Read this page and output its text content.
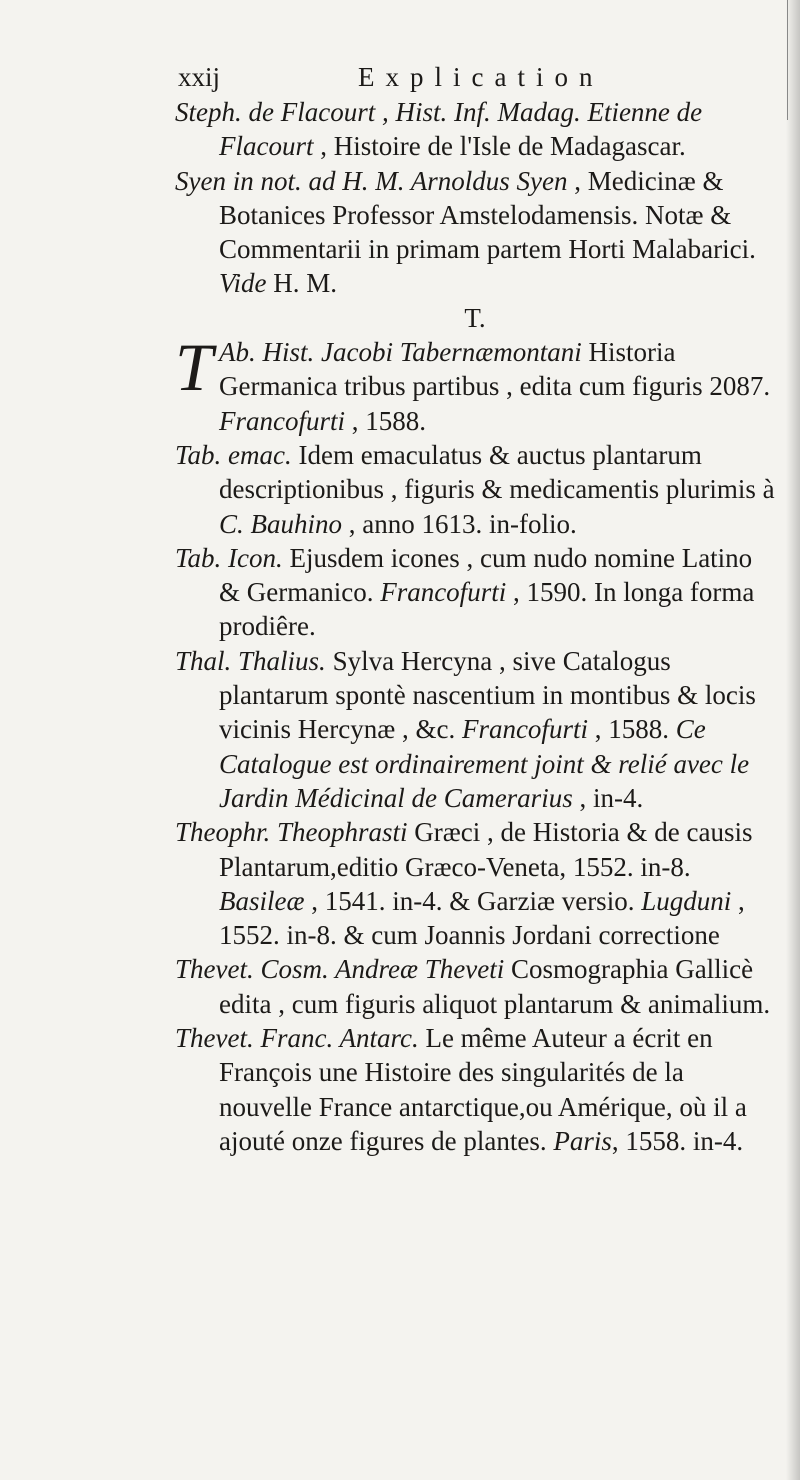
xxij	Explication

Steph. de Flacourt , Hist. Inf. Madag. Etienne de Flacourt , Histoire de l'Isle de Madagascar.

Syen in not. ad H. M. Arnoldus Syen , Medicinæ & Botanices Professor Amstelodamensis. Notæ & Commentarii in primam partem Horti Malabarici. Vide H. M.

T.

T Ab. Hist. Jacobi Tabernæmontani Historia Germanica tribus partibus , edita cum figuris 2087. Francofurti , 1588.

Tab. emac. Idem emaculatus & auctus plantarum descriptionibus , figuris & medicamentis plurimis à C. Bauhino , anno 1613. in-folio.

Tab. Icon. Ejusdem icones , cum nudo nomine Latino & Germanico. Francofurti , 1590. In longa forma prodiêre.

Thal. Thalius. Sylva Hercyna , sive Catalogus plantarum spontè nascentium in montibus & locis vicinis Hercynæ , &c. Francofurti , 1588. Ce Catalogue est ordinairement joint & relié avec le Jardin Médicinal de Camerarius , in-4.

Theophr. Theophrasti Græci , de Historia & de causis Plantarum,editio Græco-Veneta, 1552. in-8. Basileæ , 1541. in-4. & Garziæ versio. Lugduni , 1552. in-8. & cum Joannis Jordani correctione

Thevet. Cosm. Andreæ Theveti Cosmographia Gallicè edita , cum figuris aliquot plantarum & animalium.

Thevet. Franc. Antarc. Le même Auteur a écrit en François une Histoire des singularités de la nouvelle France antarctique,ou Amérique, où il a ajouté onze figures de plantes. Paris, 1558. in-4.
